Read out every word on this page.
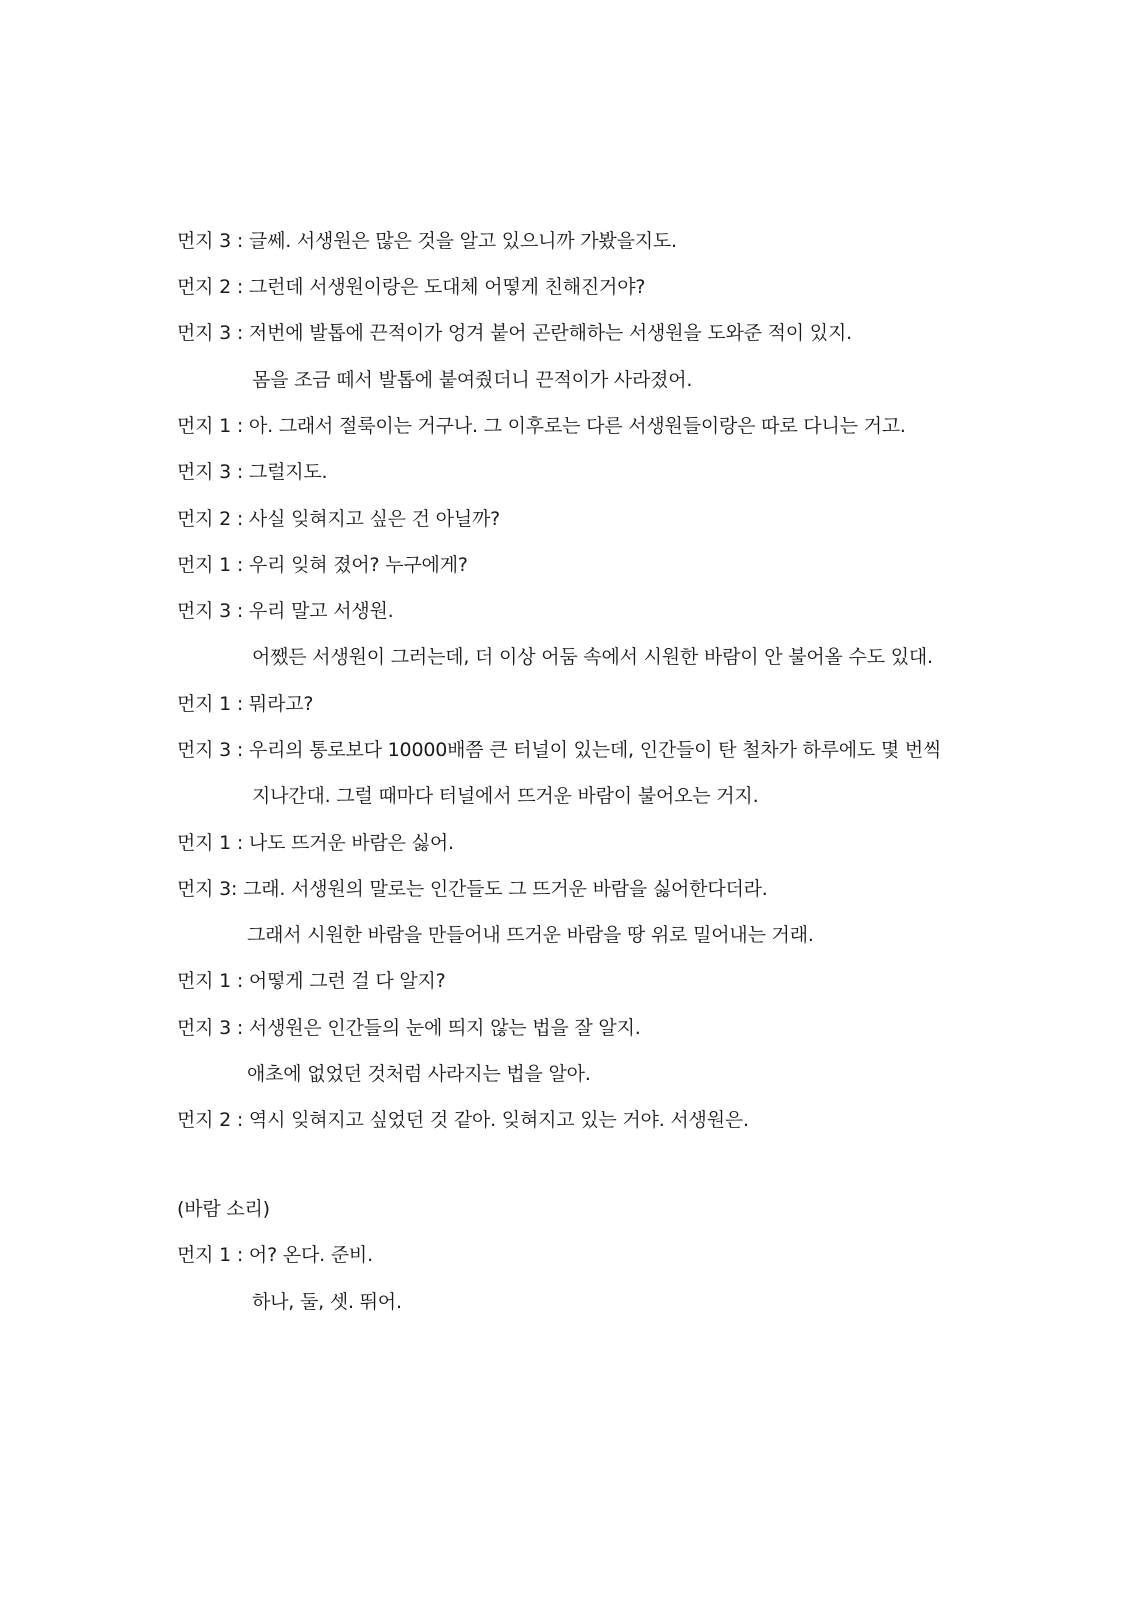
먼지 3 : 글쎄. 서생원은 많은 것을 알고 있으니까 가봤을지도.
먼지 2 : 그런데 서생원이랑은 도대체 어떻게 친해진거야?
먼지 3 : 저번에 발톱에 끈적이가 엉겨 붙어 곤란해하는 서생원을 도와준 적이 있지.
몸을 조금 떼서 발톱에 붙여줬더니 끈적이가 사라졌어.
먼지 1 : 아. 그래서 절룩이는 거구나. 그 이후로는 다른 서생원들이랑은 따로 다니는 거고.
먼지 3 : 그럴지도.
먼지 2 : 사실 잊혀지고 싶은 건 아닐까?
먼지 1 : 우리 잊혀 졌어? 누구에게?
먼지 3 : 우리 말고 서생원.
어쨌든 서생원이 그러는데, 더 이상 어둠 속에서 시원한 바람이 안 불어올 수도 있대.
먼지 1 : 뭐라고?
먼지 3 : 우리의 통로보다 10000배쯤 큰 터널이 있는데, 인간들이 탄 철차가 하루에도 몇 번씩
지나간대. 그럴 때마다 터널에서 뜨거운 바람이 불어오는 거지.
먼지 1 : 나도 뜨거운 바람은 싫어.
먼지 3: 그래. 서생원의 말로는 인간들도 그 뜨거운 바람을 싫어한다더라.
그래서 시원한 바람을 만들어내 뜨거운 바람을 땅 위로 밀어내는 거래.
먼지 1 : 어떻게 그런 걸 다 알지?
먼지 3 : 서생원은 인간들의 눈에 띄지 않는 법을 잘 알지.
애초에 없었던 것처럼 사라지는 법을 알아.
먼지 2 : 역시 잊혀지고 싶었던 것 같아. 잊혀지고 있는 거야. 서생원은.
(바람 소리)
먼지 1 : 어? 온다. 준비.
하나, 둘, 셋. 뛰어.
